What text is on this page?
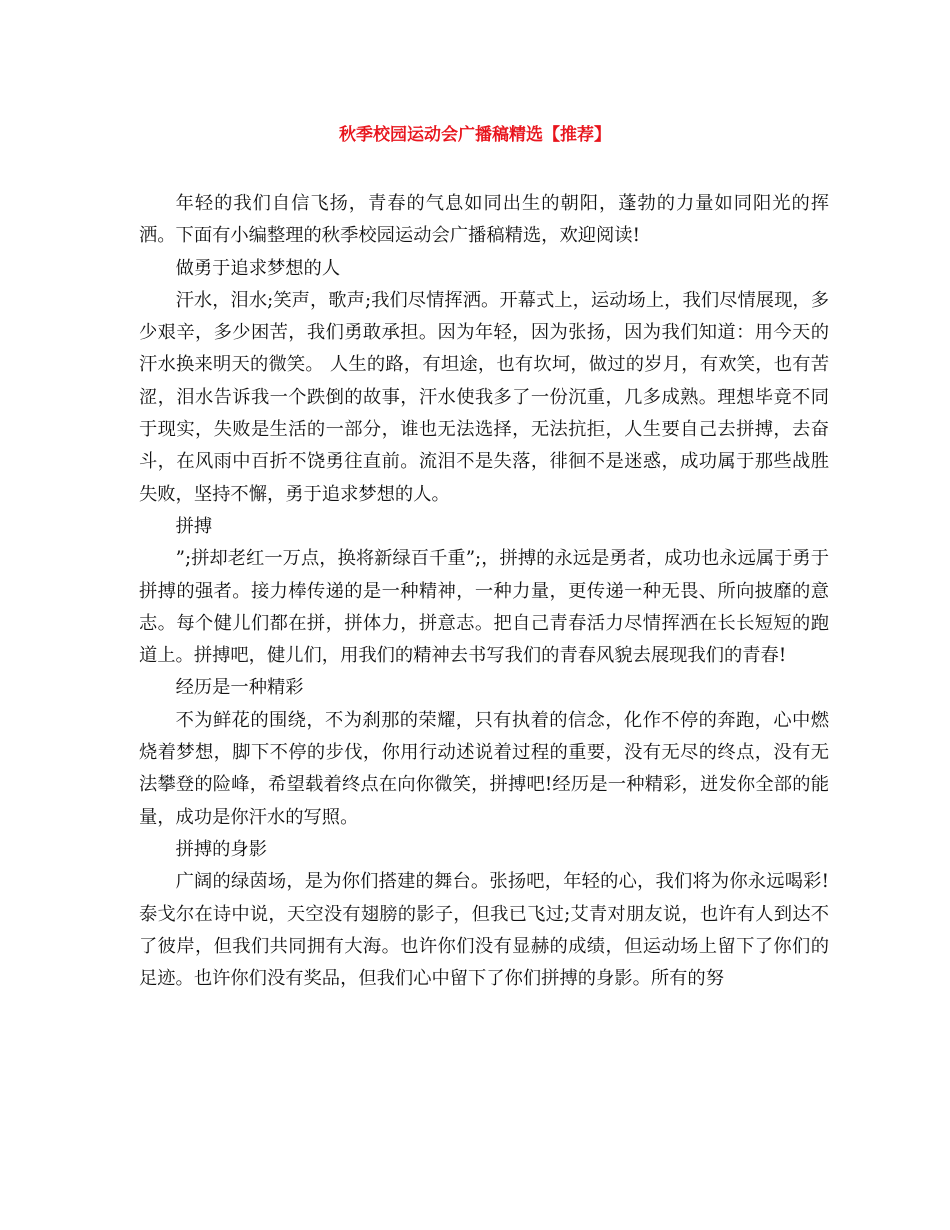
秋季校园运动会广播稿精选【推荐】

年轻的我们自信飞扬，青春的气息如同出生的朝阳，蓬勃的力量如同阳光的挥洒。下面有小编整理的秋季校园运动会广播稿精选，欢迎阅读!

做勇于追求梦想的人

汗水，泪水;笑声，歌声;我们尽情挥洒。开幕式上，运动场上，我们尽情展现，多少艰辛，多少困苦，我们勇敢承担。因为年轻，因为张扬，因为我们知道：用今天的汗水换来明天的微笑。 人生的路，有坦途，也有坎坷，做过的岁月，有欢笑，也有苦涩，泪水告诉我一个跌倒的故事，汗水使我多了一份沉重，几多成熟。理想毕竟不同于现实，失败是生活的一部分，谁也无法选择，无法抗拒，人生要自己去拼搏，去奋斗，在风雨中百折不饶勇往直前。流泪不是失落，徘徊不是迷惑，成功属于那些战胜失败，坚持不懈，勇于追求梦想的人。

拼搏

”;拼却老红一万点，换将新绿百千重”;，拼搏的永远是勇者，成功也永远属于勇于拼搏的强者。接力棒传递的是一种精神，一种力量，更传递一种无畏、所向披靡的意志。每个健儿们都在拼，拼体力，拼意志。把自己青春活力尽情挥洒在长长短短的跑道上。拼搏吧，健儿们，用我们的精神去书写我们的青春风貌去展现我们的青春!

经历是一种精彩

不为鲜花的围绕，不为刹那的荣耀，只有执着的信念，化作不停的奔跑，心中燃烧着梦想，脚下不停的步伐，你用行动述说着过程的重要，没有无尽的终点，没有无法攀登的险峰，希望载着终点在向你微笑，拼搏吧!经历是一种精彩，迸发你全部的能量，成功是你汗水的写照。

拼搏的身影

广阔的绿茵场，是为你们搭建的舞台。张扬吧，年轻的心，我们将为你永远喝彩!泰戈尔在诗中说，天空没有翅膀的影子，但我已飞过;艾青对朋友说，也许有人到达不了彼岸，但我们共同拥有大海。也许你们没有显赫的成绩，但运动场上留下了你们的足迹。也许你们没有奖品，但我们心中留下了你们拼搏的身影。所有的努
